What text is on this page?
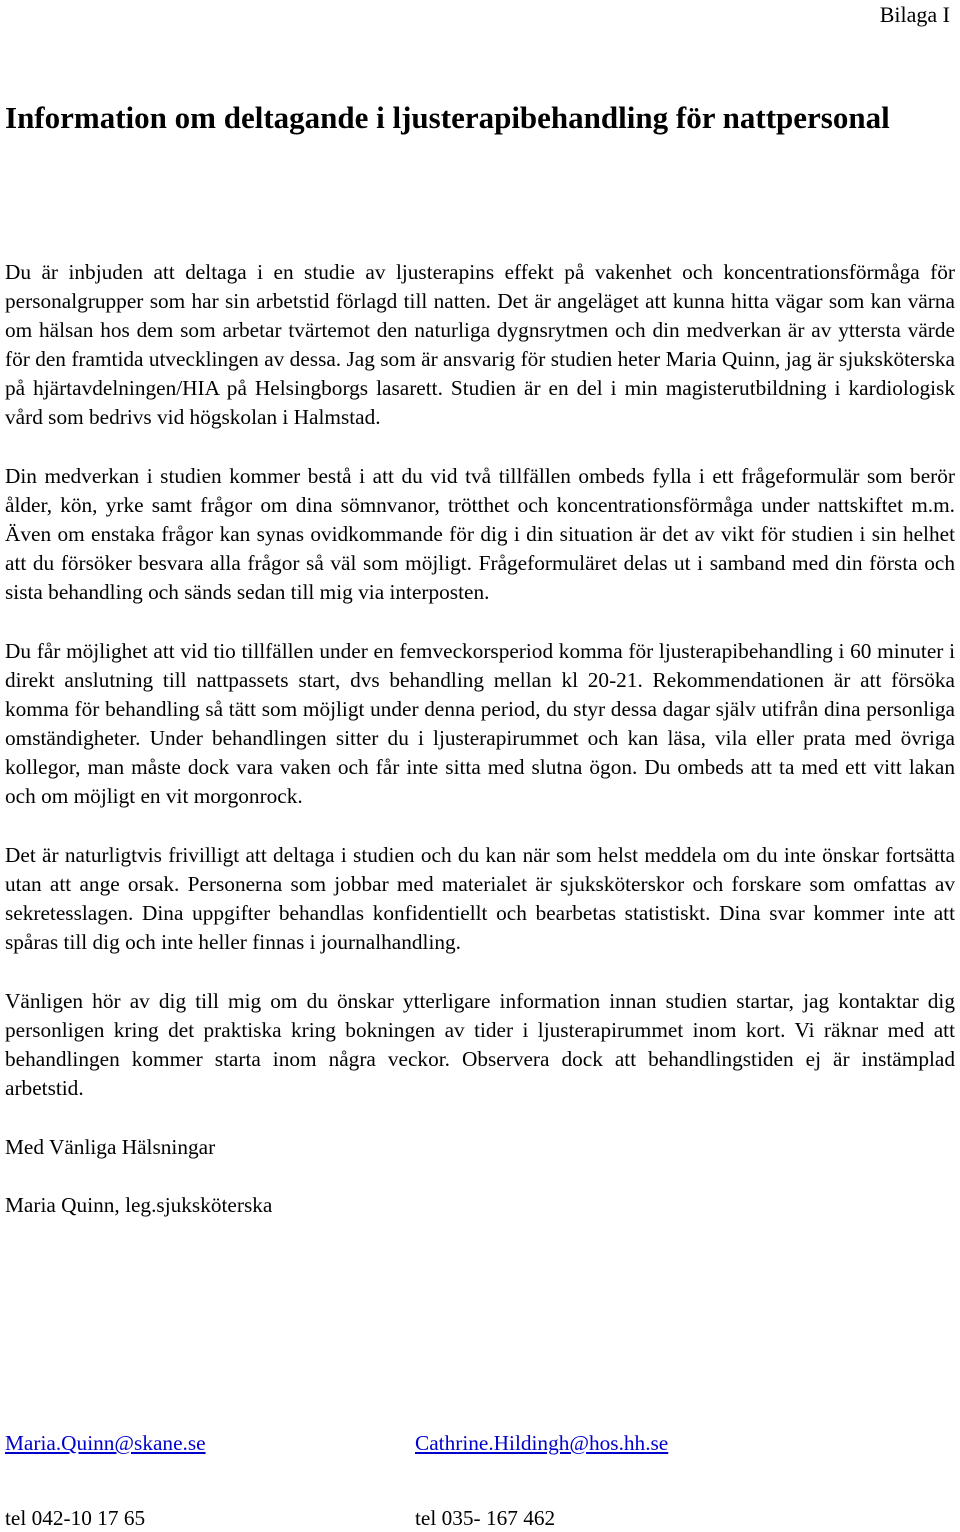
Bilaga I
Information om deltagande i ljusterapibehandling för nattpersonal

Du är inbjuden att deltaga i en studie av ljusterapins effekt på vakenhet och koncentrationsförmåga för personalgrupper som har sin arbetstid förlagd till natten. Det är angeläget att kunna hitta vägar som kan värna om hälsan hos dem som arbetar tvärtemot den naturliga dygnsrytmen och din medverkan är av yttersta värde för den framtida utvecklingen av dessa. Jag som är ansvarig för studien heter Maria Quinn, jag är sjuksköterska på hjärtavdelningen/HIA på Helsingborgs lasarett. Studien är en del i min magisterutbildning i kardiologisk vård som bedrivs vid högskolan i Halmstad.

Din medverkan i studien kommer bestå i att du vid två tillfällen ombeds fylla i ett frågeformulär som berör ålder, kön, yrke samt frågor om dina sömnvanor, trötthet och koncentrationsförmåga under nattskiftet m.m. Även om enstaka frågor kan synas ovidkommande för dig i din situation är det av vikt för studien i sin helhet att du försöker besvara alla frågor så väl som möjligt. Frågeformuläret delas ut i samband med din första och sista behandling och sänds sedan till mig via interposten.

Du får möjlighet att vid tio tillfällen under en femveckorsperiod komma för ljusterapibehandling i 60 minuter i direkt anslutning till nattpassets start, dvs behandling mellan kl 20-21. Rekommendationen är att försöka komma för behandling så tätt som möjligt under denna period, du styr dessa dagar själv utifrån dina personliga omständigheter. Under behandlingen sitter du i ljusterapirummet och kan läsa, vila eller prata med övriga kollegor, man måste dock vara vaken och får inte sitta med slutna ögon. Du ombeds att ta med ett vitt lakan och om möjligt en vit morgonrock.

Det är naturligtvis frivilligt att deltaga i studien och du kan när som helst meddela om du inte önskar fortsätta utan att ange orsak. Personerna som jobbar med materialet är sjuksköterskor och forskare som omfattas av sekretesslagen. Dina uppgifter behandlas konfidentiellt och bearbetas statistiskt. Dina svar kommer inte att spåras till dig och inte heller finnas i journalhandling.

Vänligen hör av dig till mig om du önskar ytterligare information innan studien startar, jag kontaktar dig personligen kring det praktiska kring bokningen av tider i ljusterapirummet inom kort. Vi räknar med att behandlingen kommer starta inom några veckor. Observera dock att behandlingstiden ej är instämplad arbetstid.

Med Vänliga Hälsningar

Maria Quinn, leg.sjuksköterska

Maria.Quinn@skane.se
tel 042-10 17 65
Cathrine.Hildingh@hos.hh.se
tel 035- 167 462
